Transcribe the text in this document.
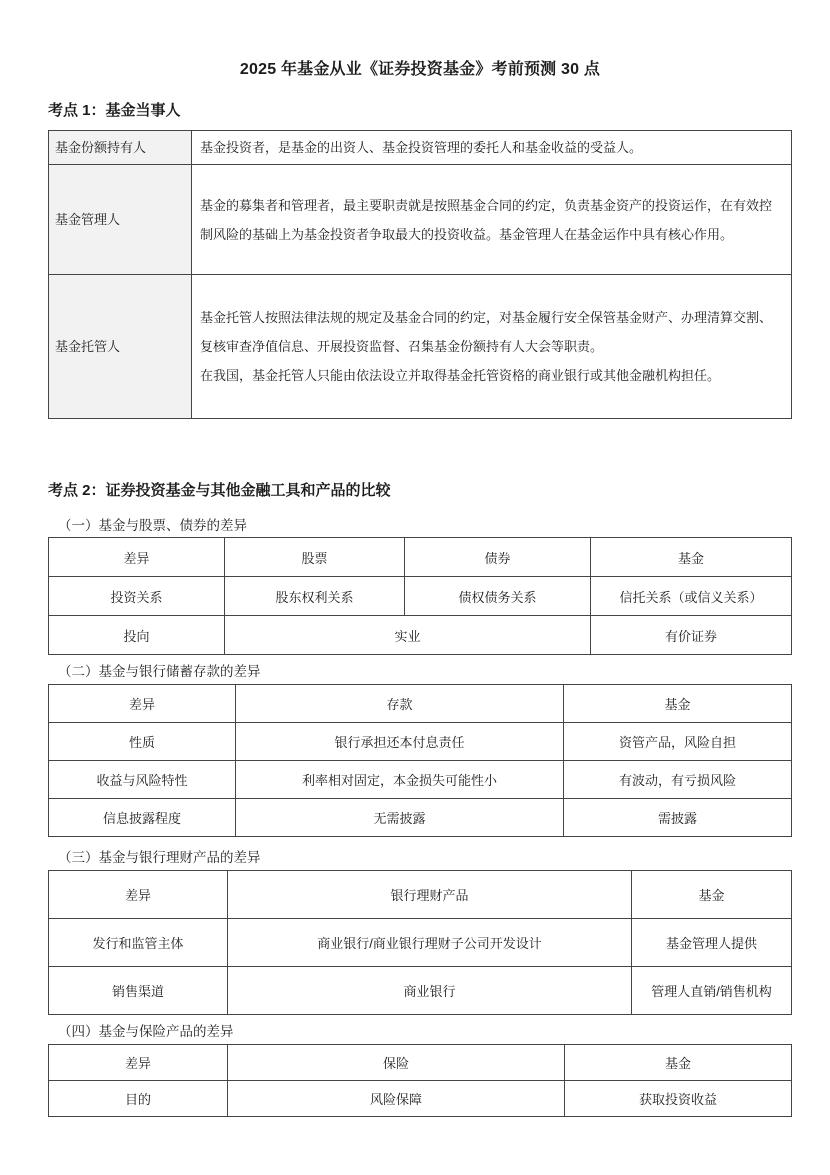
2025 年基金从业《证券投资基金》考前预测 30 点
考点 1：基金当事人
基金份额持有人	基金投资者，是基金的出资人、基金投资管理的委托人和基金收益的受益人。
基金管理人	基金的募集者和管理者，最主要职责就是按照基金合同的约定，负责基金资产的投资运作，在有效控制风险的基础上为基金投资者争取最大的投资收益。基金管理人在基金运作中具有核心作用。
基金托管人	基金托管人按照法律法规的规定及基金合同的约定，对基金履行安全保管基金财产、办理清算交割、复核审查净值信息、开展投资监督、召集基金份额持有人大会等职责。
在我国，基金托管人只能由依法设立并取得基金托管资格的商业银行或其他金融机构担任。
考点 2：证券投资基金与其他金融工具和产品的比较
（一）基金与股票、债券的差异
差异	股票	债券	基金
投资关系	股东权利关系	债权债务关系	信托关系（或信义关系）
投向	实业		有价证券
（二）基金与银行储蓄存款的差异
差异	存款	基金
性质	银行承担还本付息责任	资管产品，风险自担
收益与风险特性	利率相对固定，本金损失可能性小	有波动，有亏损风险
信息披露程度	无需披露	需披露
（三）基金与银行理财产品的差异
差异	银行理财产品	基金
发行和监管主体	商业银行/商业银行理财子公司开发设计	基金管理人提供
销售渠道	商业银行	管理人直销/销售机构
（四）基金与保险产品的差异
差异	保险	基金
目的	风险保障	获取投资收益
